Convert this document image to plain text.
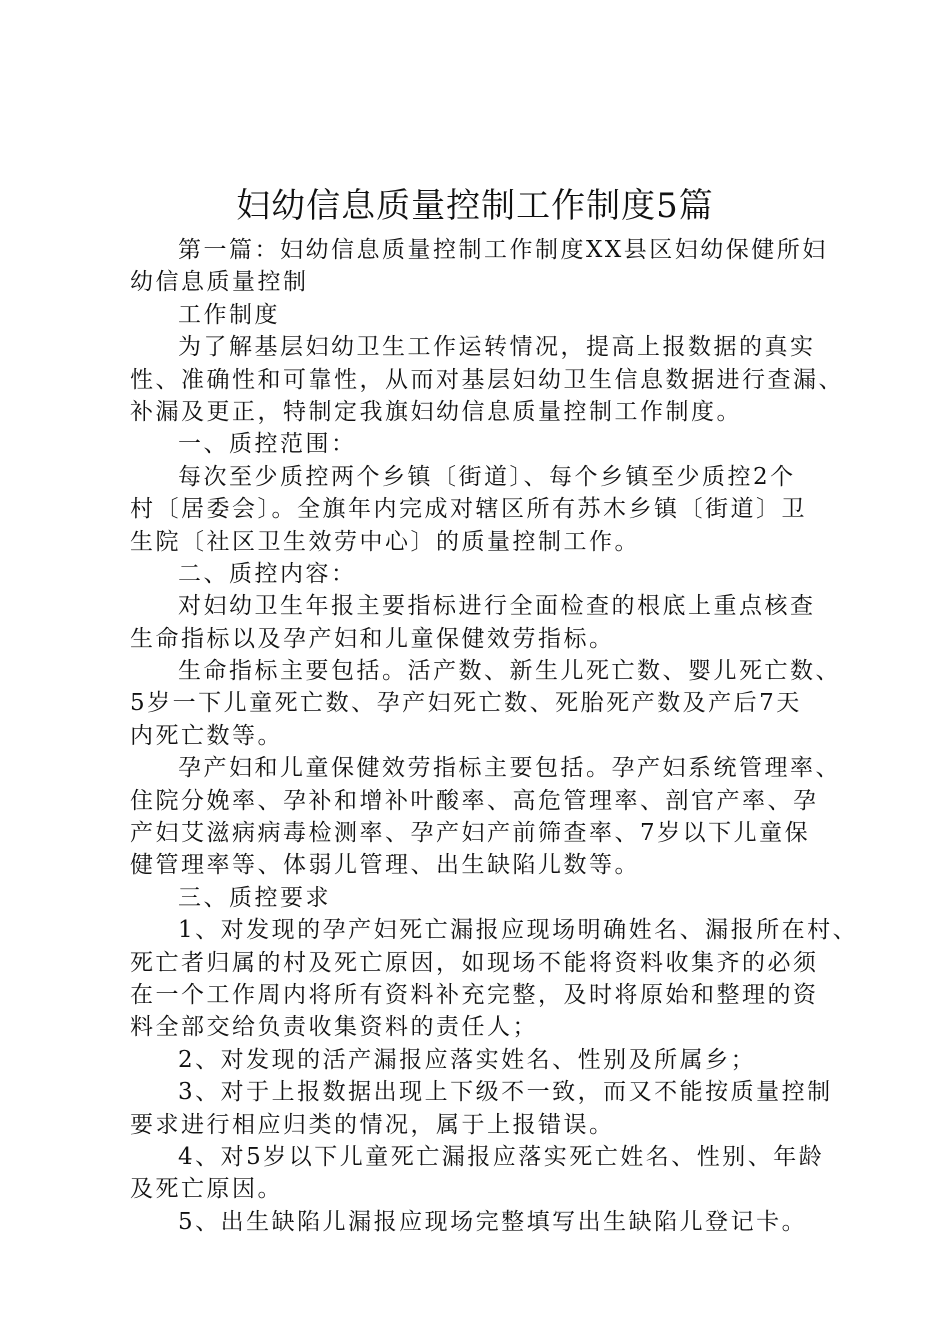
妇幼信息质量控制工作制度5篇
第一篇：妇幼信息质量控制工作制度XX县区妇幼保健所妇
幼信息质量控制
工作制度
为了解基层妇幼卫生工作运转情况，提高上报数据的真实
性、准确性和可靠性，从而对基层妇幼卫生信息数据进行查漏、
补漏及更正，特制定我旗妇幼信息质量控制工作制度。
一、质控范围：
每次至少质控两个乡镇〔街道〕、每个乡镇至少质控2个
村〔居委会〕。全旗年内完成对辖区所有苏木乡镇〔街道〕卫
生院〔社区卫生效劳中心〕的质量控制工作。
二、质控内容：
对妇幼卫生年报主要指标进行全面检查的根底上重点核查
生命指标以及孕产妇和儿童保健效劳指标。
生命指标主要包括。活产数、新生儿死亡数、婴儿死亡数、
5岁一下儿童死亡数、孕产妇死亡数、死胎死产数及产后7天
内死亡数等。
孕产妇和儿童保健效劳指标主要包括。孕产妇系统管理率、
住院分娩率、孕补和增补叶酸率、高危管理率、剖官产率、孕
产妇艾滋病病毒检测率、孕产妇产前筛查率、7岁以下儿童保
健管理率等、体弱儿管理、出生缺陷儿数等。
三、质控要求
1、对发现的孕产妇死亡漏报应现场明确姓名、漏报所在村、
死亡者归属的村及死亡原因，如现场不能将资料收集齐的必须
在一个工作周内将所有资料补充完整，及时将原始和整理的资
料全部交给负责收集资料的责任人；
2、对发现的活产漏报应落实姓名、性别及所属乡；
3、对于上报数据出现上下级不一致，而又不能按质量控制
要求进行相应归类的情况，属于上报错误。
4、对5岁以下儿童死亡漏报应落实死亡姓名、性别、年龄
及死亡原因。
5、出生缺陷儿漏报应现场完整填写出生缺陷儿登记卡。
